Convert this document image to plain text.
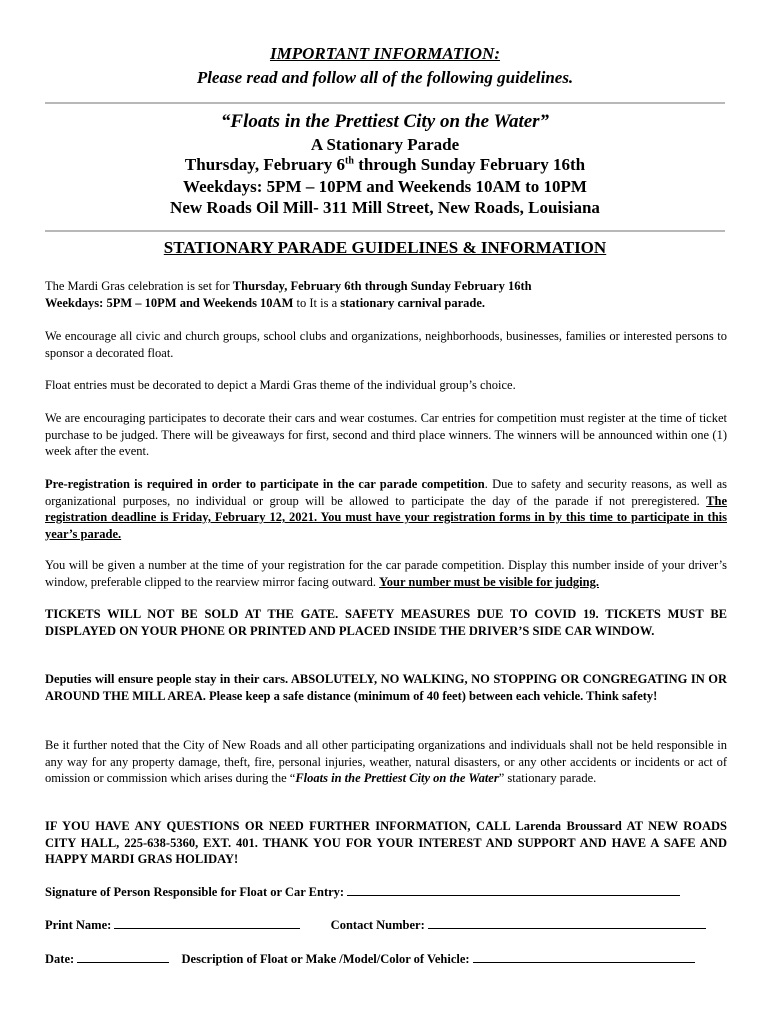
IMPORTANT INFORMATION:
Please read and follow all of the following guidelines.
“Floats in the Prettiest City on the Water”
A Stationary Parade
Thursday, February 6th through Sunday February 16th
Weekdays: 5PM – 10PM and Weekends 10AM to 10PM
New Roads Oil Mill- 311 Mill Street, New Roads, Louisiana
STATIONARY PARADE GUIDELINES & INFORMATION
The Mardi Gras celebration is set for Thursday, February 6th through Sunday February 16th
Weekdays: 5PM – 10PM and Weekends 10AM to It is a stationary carnival parade.
We encourage all civic and church groups, school clubs and organizations, neighborhoods, businesses, families or interested persons to sponsor a decorated float.
Float entries must be decorated to depict a Mardi Gras theme of the individual group’s choice.
We are encouraging participates to decorate their cars and wear costumes. Car entries for competition must register at the time of ticket purchase to be judged. There will be giveaways for first, second and third place winners. The winners will be announced within one (1) week after the event.
Pre-registration is required in order to participate in the car parade competition. Due to safety and security reasons, as well as organizational purposes, no individual or group will be allowed to participate the day of the parade if not preregistered. The registration deadline is Friday, February 12, 2021. You must have your registration forms in by this time to participate in this year’s parade.
You will be given a number at the time of your registration for the car parade competition. Display this number inside of your driver’s window, preferable clipped to the rearview mirror facing outward. Your number must be visible for judging.
TICKETS WILL NOT BE SOLD AT THE GATE. SAFETY MEASURES DUE TO COVID 19. TICKETS MUST BE DISPLAYED ON YOUR PHONE OR PRINTED AND PLACED INSIDE THE DRIVER’S SIDE CAR WINDOW.
Deputies will ensure people stay in their cars. ABSOLUTELY, NO WALKING, NO STOPPING OR CONGREGATING IN OR AROUND THE MILL AREA. Please keep a safe distance (minimum of 40 feet) between each vehicle. Think safety!
Be it further noted that the City of New Roads and all other participating organizations and individuals shall not be held responsible in any way for any property damage, theft, fire, personal injuries, weather, natural disasters, or any other accidents or incidents or act of omission or commission which arises during the “Floats in the Prettiest City on the Water” stationary parade.
IF YOU HAVE ANY QUESTIONS OR NEED FURTHER INFORMATION, CALL Larenda Broussard AT NEW ROADS CITY HALL, 225-638-5360, EXT. 401. THANK YOU FOR YOUR INTEREST AND SUPPORT AND HAVE A SAFE AND HAPPY MARDI GRAS HOLIDAY!
Signature of Person Responsible for Float or Car Entry:
Print Name:	Contact Number:
Date:	Description of Float or Make /Model/Color of Vehicle:
